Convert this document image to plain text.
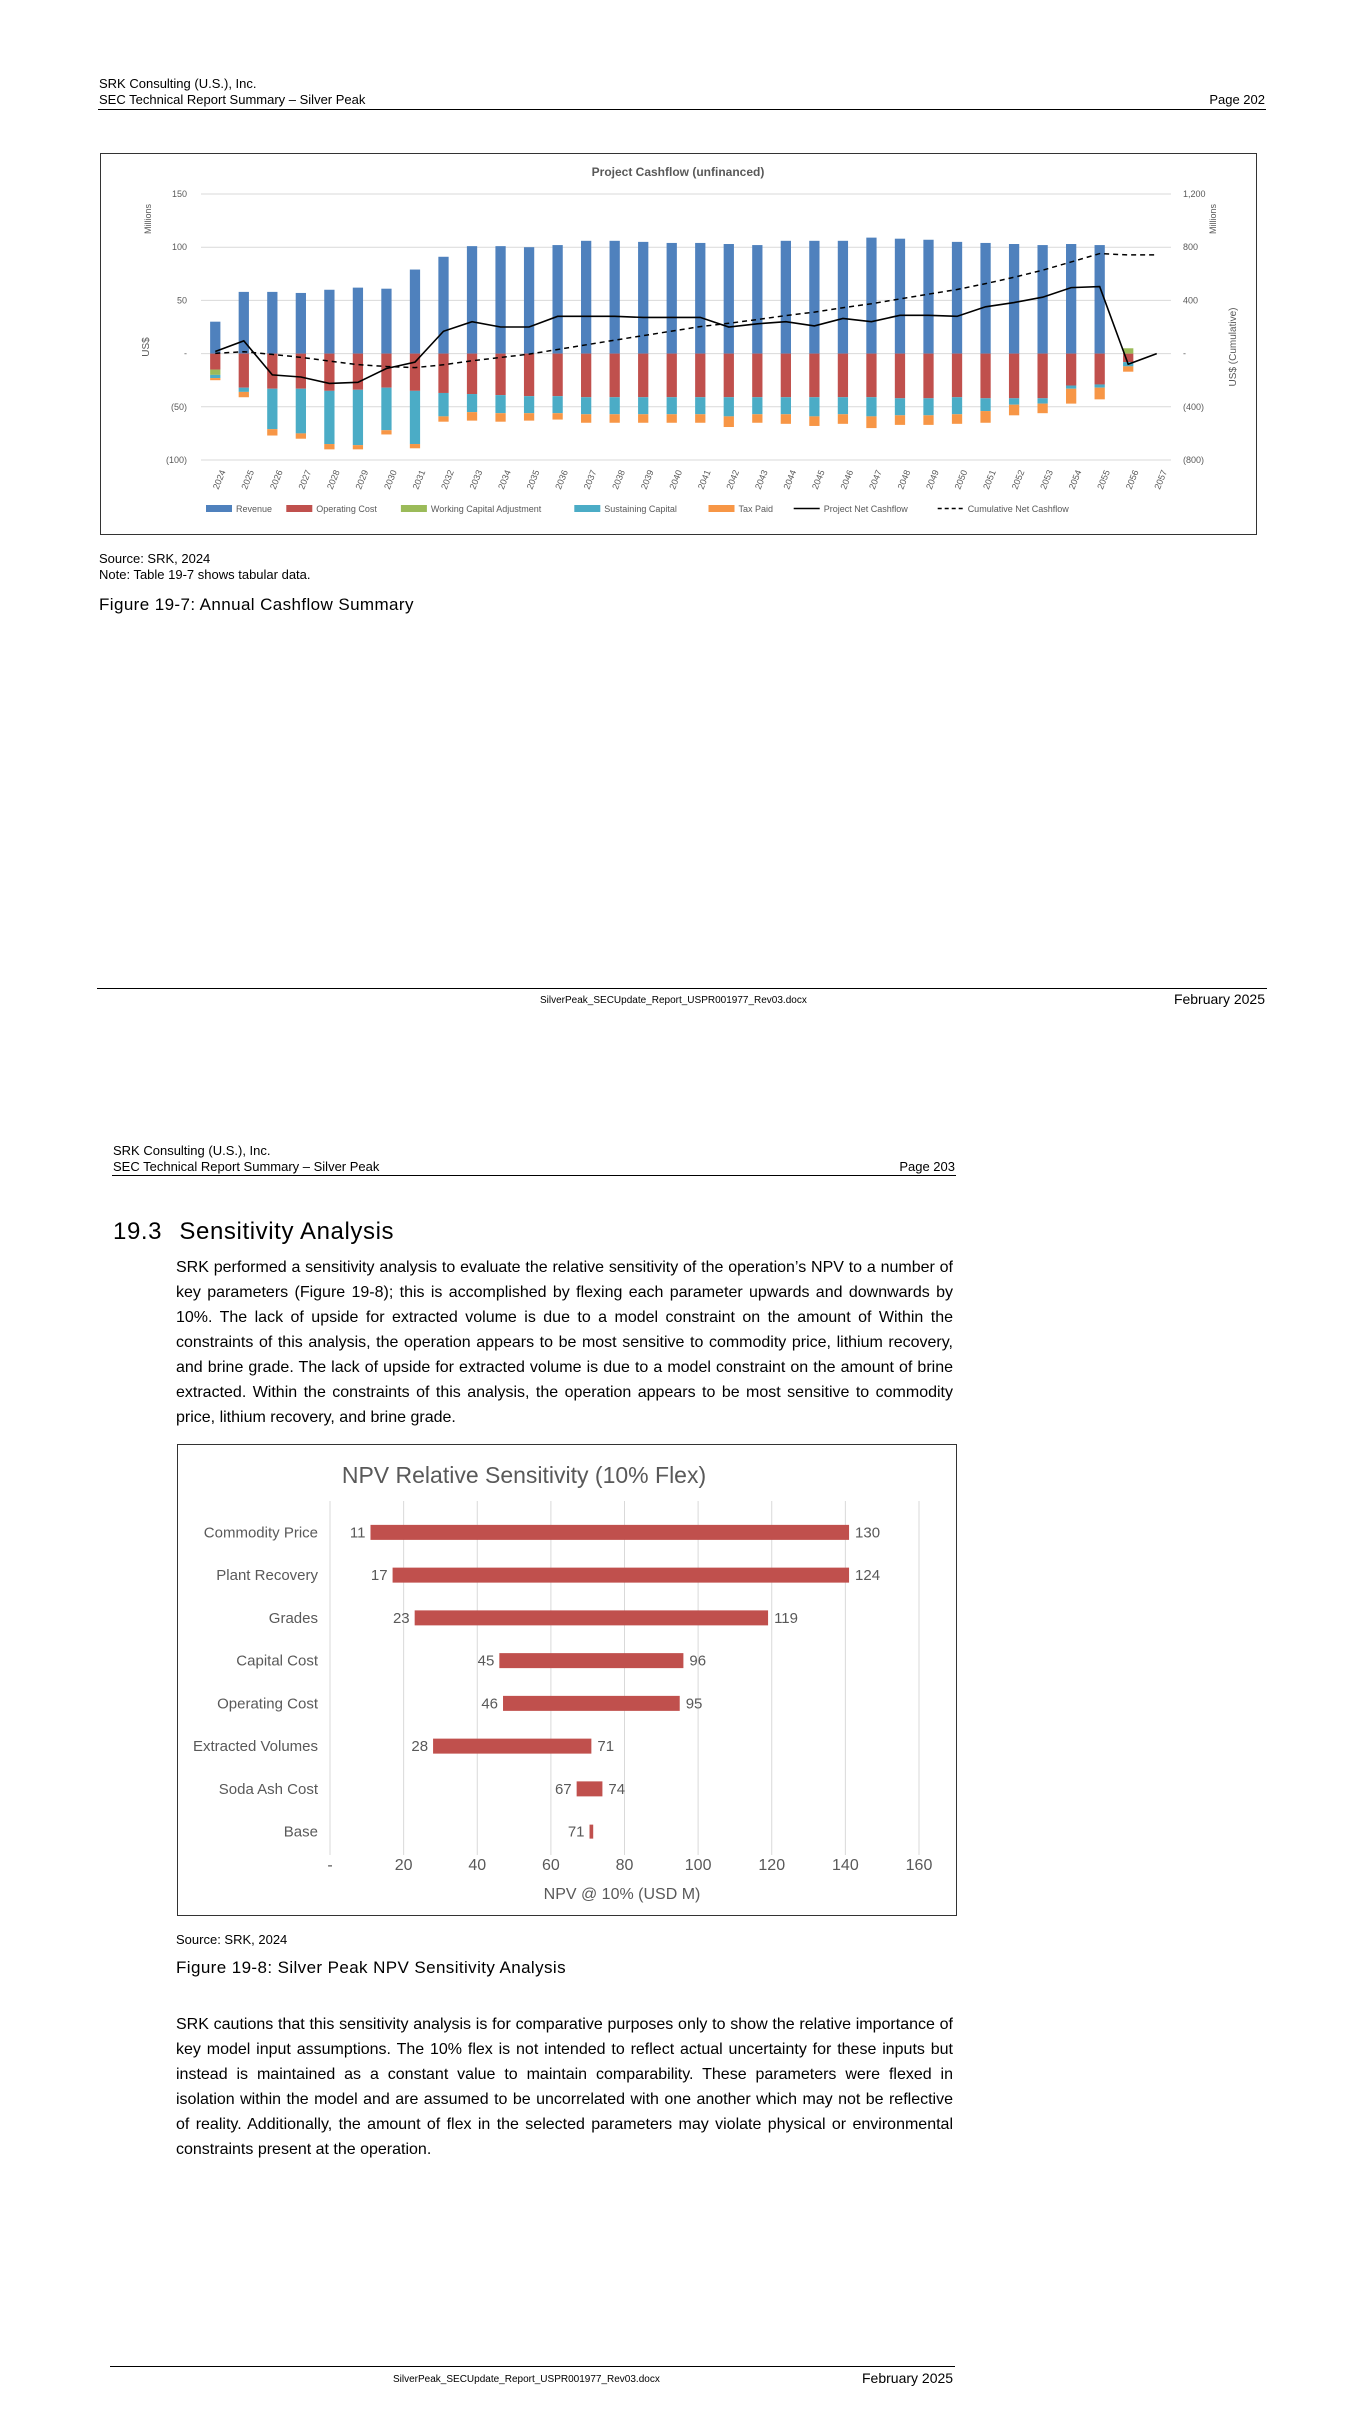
SRK Consulting (U.S.), Inc.
SEC Technical Report Summary – Silver Peak	Page 202
Project Cashflow (unfinanced)
150
100
50
-
(50)
(100)
1,200
800
400
-
(400)
(800)
US$
Millions
US$ (Cumulative)
Millions
2024 2025 2026 2027 2028 2029 2030 2031 2032 2033 2034 2035 2036 2037 2038 2039 2040 2041 2042 2043 2044 2045 2046 2047 2048 2049 2050 2051 2052 2053 2054 2055 2056 2057
Revenue	Operating Cost	Working Capital Adjustment	Sustaining Capital	Tax Paid	Project Net Cashflow	Cumulative Net Cashflow
Source: SRK, 2024
Note: Table 19-7 shows tabular data.
Figure 19-7: Annual Cashflow Summary
SilverPeak_SECUpdate_Report_USPR001977_Rev03.docx	February 2025
SRK Consulting (U.S.), Inc.
SEC Technical Report Summary – Silver Peak	Page 203
19.3 Sensitivity Analysis
SRK performed a sensitivity analysis to evaluate the relative sensitivity of the operation’s NPV to a number of key parameters (Figure 19-8); this is accomplished by flexing each parameter upwards and downwards by 10%. The lack of upside for extracted volume is due to a model constraint on the amount of Within the constraints of this analysis, the operation appears to be most sensitive to commodity price, lithium recovery, and brine grade. The lack of upside for extracted volume is due to a model constraint on the amount of brine extracted. Within the constraints of this analysis, the operation appears to be most sensitive to commodity price, lithium recovery, and brine grade.
NPV Relative Sensitivity (10% Flex)
-	20	40	60	80	100	120	140	160
NPV @ 10% (USD M)
Commodity Price 11	130
Plant Recovery	17	124
Grades	23	119
Capital Cost	45	96
Operating Cost	46	95
Extracted Volumes	28	71
Soda Ash Cost	67 74
Base	71
Source: SRK, 2024
Figure 19-8: Silver Peak NPV Sensitivity Analysis
SRK cautions that this sensitivity analysis is for comparative purposes only to show the relative importance of key model input assumptions. The 10% flex is not intended to reflect actual uncertainty for these inputs but instead is maintained as a constant value to maintain comparability. These parameters were flexed in isolation within the model and are assumed to be uncorrelated with one another which may not be reflective of reality. Additionally, the amount of flex in the selected parameters may violate physical or environmental constraints present at the operation.
SilverPeak_SECUpdate_Report_USPR001977_Rev03.docx	February 2025
